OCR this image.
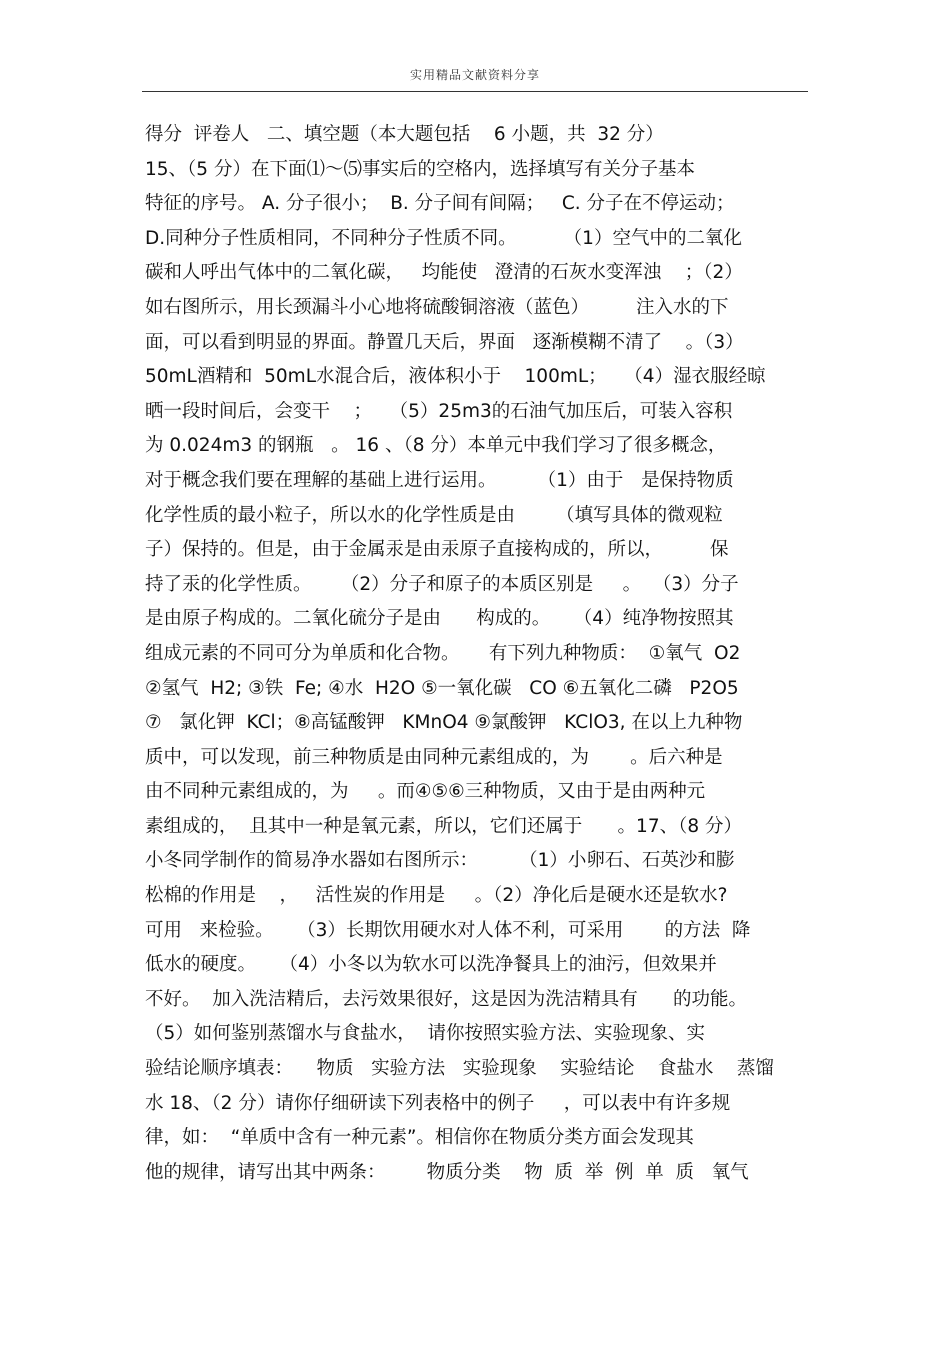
实用精品文献资料分享
得分  评卷人   二、填空题（本大题包括    6 小题，共  32 分）
15、（5 分）在下面⑴～⑸事实后的空格内，选择填写有关分子基本
特征的序号。 A. 分子很小；  B. 分子间有间隔；   C. 分子在不停运动；
D.同种分子性质相同，不同种分子性质不同。        （1）空气中的二氧化
碳和人呼出气体中的二氧化碳，   均能使   澄清的石灰水变浑浊    ；（2）
如右图所示，用长颈漏斗小心地将硫酸铜溶液（蓝色）        注入水的下
面，可以看到明显的界面。静置几天后，界面   逐渐模糊不清了    。（3）
50mL酒精和  50mL水混合后，液体积小于    100mL；   （4）湿衣服经晾
晒一段时间后，会变干    ；   （5）25m3的石油气加压后，可装入容积
为 0.024m3 的钢瓶   。 16 、（8 分）本单元中我们学习了很多概念，
对于概念我们要在理解的基础上进行运用。       （1）由于   是保持物质
化学性质的最小粒子，所以水的化学性质是由       （填写具体的微观粒
子）保持的。但是，由于金属汞是由汞原子直接构成的，所以，        保
持了汞的化学性质。     （2）分子和原子的本质区别是     。  （3）分子
是由原子构成的。二氧化硫分子是由      构成的。    （4）纯净物按照其
组成元素的不同可分为单质和化合物。     有下列九种物质：  ①氧气  O2
②氢气  H2; ③铁  Fe; ④水  H2O ⑤一氧化碳   CO ⑥五氧化二磷   P2O5
⑦   氯化钾  KCl；⑧高锰酸钾   KMnO4 ⑨氯酸钾   KClO3, 在以上九种物
质中，可以发现，前三种物质是由同种元素组成的，为       。后六种是
由不同种元素组成的，为     。而④⑤⑥三种物质，又由于是由两种元
素组成的，  且其中一种是氧元素，所以，它们还属于      。17、（8 分）
小冬同学制作的简易净水器如右图所示：       （1）小卵石、石英沙和膨
松棉的作用是    ，   活性炭的作用是     。（2）净化后是硬水还是软水?
可用   来检验。    （3）长期饮用硬水对人体不利，可采用       的方法  降
低水的硬度。    （4）小冬以为软水可以洗净餐具上的油污，但效果并
不好。  加入洗洁精后，去污效果很好，这是因为洗洁精具有      的功能。
（5）如何鉴别蒸馏水与食盐水，  请你按照实验方法、实验现象、实
验结论顺序填表：    物质   实验方法   实验现象    实验结论    食盐水    蒸馏
水 18、（2 分）请你仔细研读下列表格中的例子     ，可以表中有许多规
律，如：  “单质中含有一种元素”。相信你在物质分类方面会发现其
他的规律，请写出其中两条：       物质分类    物  质  举  例  单  质   氧气
